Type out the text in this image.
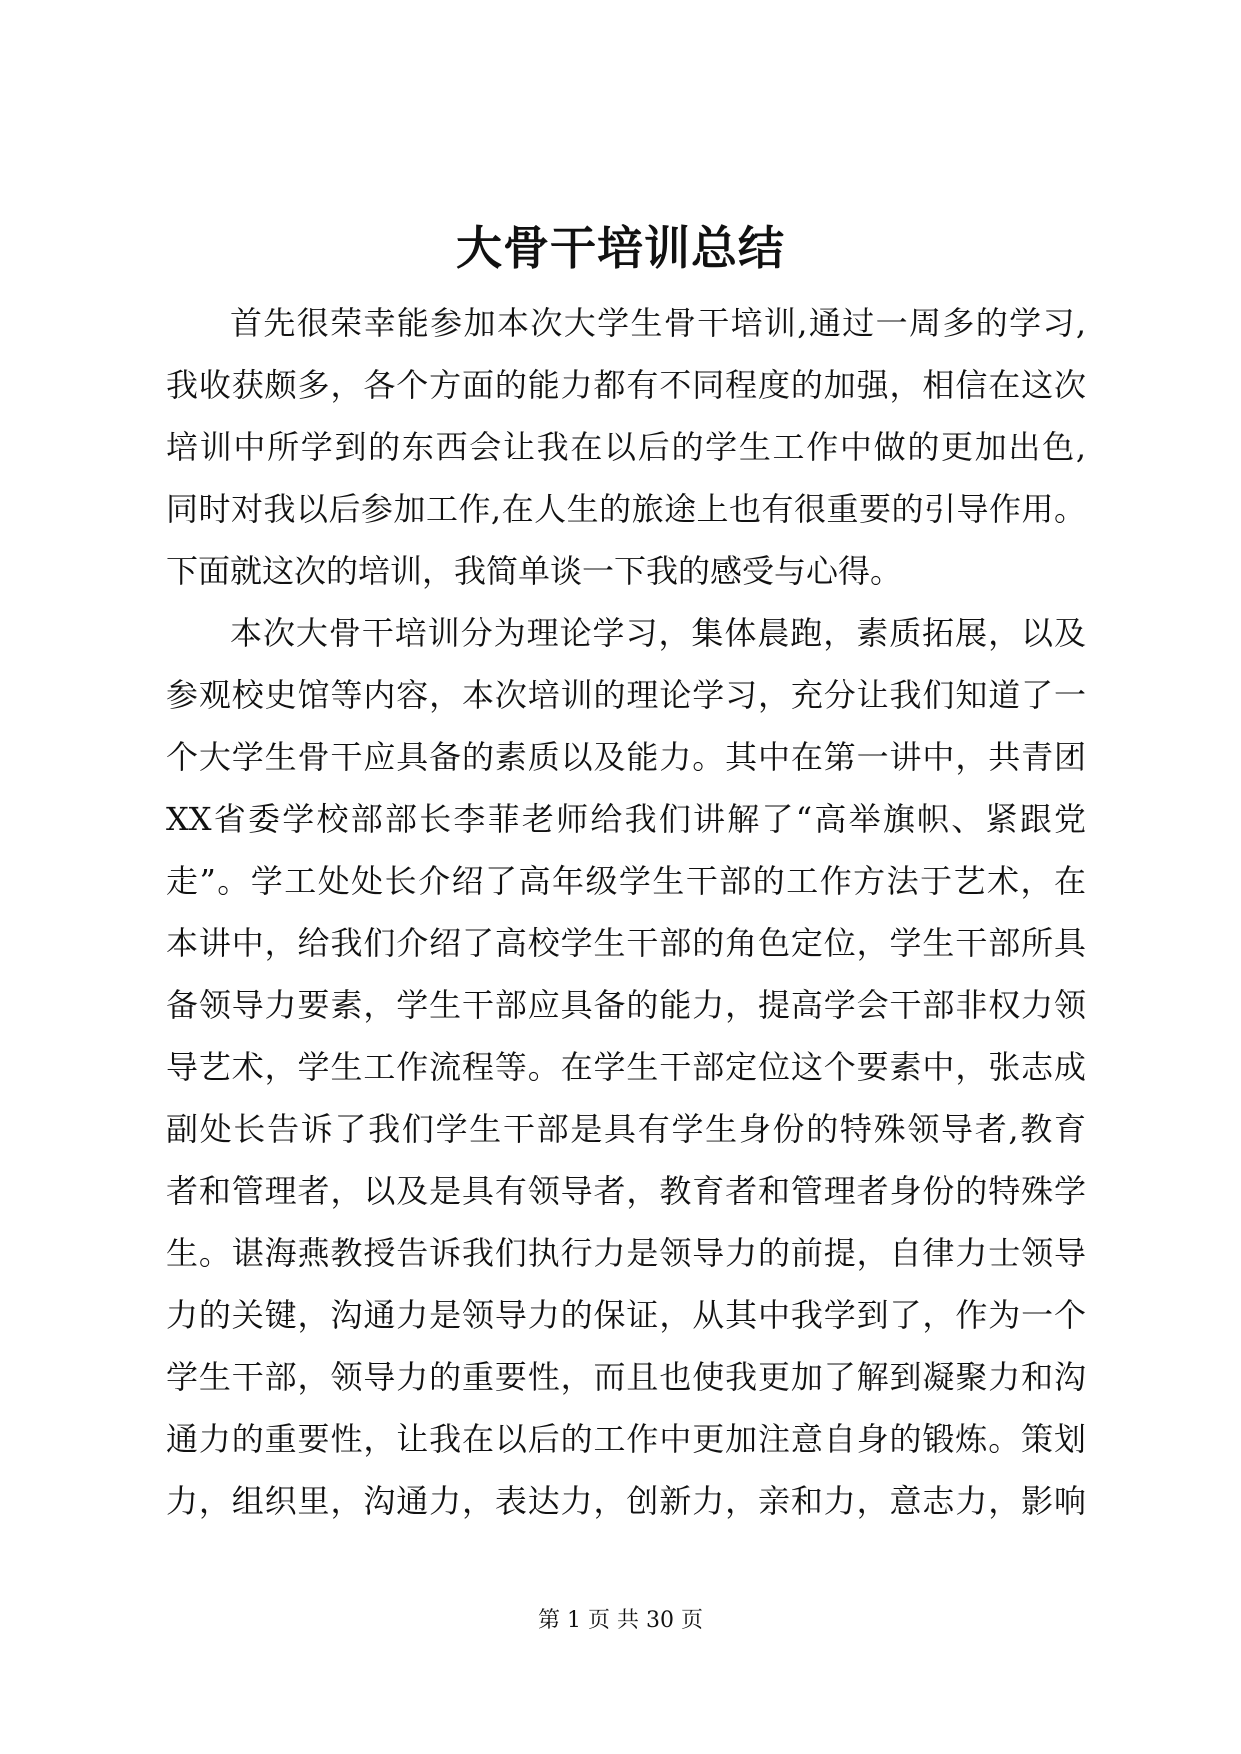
大骨干培训总结
首先很荣幸能参加本次大学生骨干培训,通过一周多的学习,
我收获颇多，各个方面的能力都有不同程度的加强，相信在这次
培训中所学到的东西会让我在以后的学生工作中做的更加出色,
同时对我以后参加工作,在人生的旅途上也有很重要的引导作用。
下面就这次的培训，我简单谈一下我的感受与心得。
本次大骨干培训分为理论学习，集体晨跑，素质拓展，以及
参观校史馆等内容，本次培训的理论学习，充分让我们知道了一
个大学生骨干应具备的素质以及能力。其中在第一讲中，共青团
XX省委学校部部长李菲老师给我们讲解了“高举旗帜、紧跟党
走”。学工处处长介绍了高年级学生干部的工作方法于艺术，在
本讲中，给我们介绍了高校学生干部的角色定位，学生干部所具
备领导力要素，学生干部应具备的能力，提高学会干部非权力领
导艺术，学生工作流程等。在学生干部定位这个要素中，张志成
副处长告诉了我们学生干部是具有学生身份的特殊领导者,教育
者和管理者，以及是具有领导者，教育者和管理者身份的特殊学
生。谌海燕教授告诉我们执行力是领导力的前提，自律力士领导
力的关键，沟通力是领导力的保证，从其中我学到了，作为一个
学生干部，领导力的重要性，而且也使我更加了解到凝聚力和沟
通力的重要性，让我在以后的工作中更加注意自身的锻炼。策划
力，组织里，沟通力，表达力，创新力，亲和力，意志力，影响
第 1 页 共 30 页
